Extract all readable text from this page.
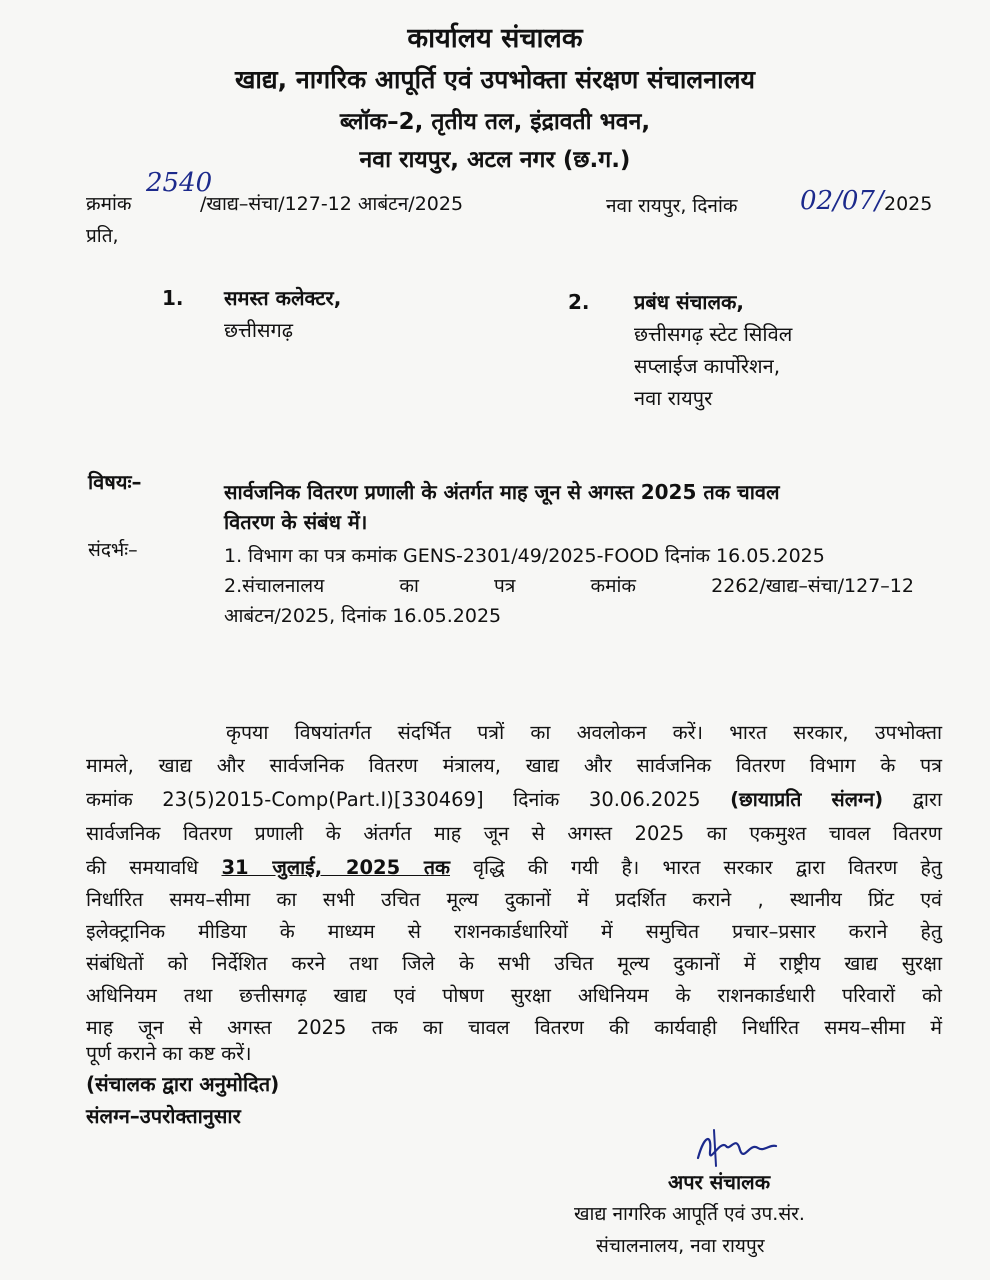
कार्यालय संचालक
खाद्य, नागरिक आपूर्ति एवं उपभोक्ता संरक्षण संचालनालय
ब्लॉक–2, तृतीय तल, इंद्रावती भवन,
नवा रायपुर, अटल नगर (छ.ग.)
क्रमांक
2540
/खाद्य–संचा/127-12 आबंटन/2025	नवा रायपुर, दिनांक 02/07/ 2025
प्रति,
1. समस्त कलेक्टर,
छत्तीसगढ़
2. प्रबंध संचालक,
छत्तीसगढ़ स्टेट सिविल
सप्लाईज कार्पोरेशन,
नवा रायपुर
विषयः–	सार्वजनिक वितरण प्रणाली के अंतर्गत माह जून से अगस्त 2025 तक चावल
वितरण के संबंध में।
संदर्भः–	1. विभाग का पत्र कमांक GENS-2301/49/2025-FOOD दिनांक 16.05.2025
2.संचालनालय का पत्र कमांक 2262/खाद्य–संचा/127–12
आबंटन/2025, दिनांक 16.05.2025
कृपया विषयांतर्गत संदर्भित पत्रों का अवलोकन करें। भारत सरकार, उपभोक्ता
मामले, खाद्य और सार्वजनिक वितरण मंत्रालय, खाद्य और सार्वजनिक वितरण विभाग के पत्र
कमांक 23(5)2015-Comp(Part.I)[330469] दिनांक 30.06.2025 (छायाप्रति संलग्न) द्वारा
सार्वजनिक वितरण प्रणाली के अंतर्गत माह जून से अगस्त 2025 का एकमुश्त चावल वितरण
की समयावधि 31 जुलाई, 2025 तक वृद्धि की गयी है। भारत सरकार द्वारा वितरण हेतु
निर्धारित समय–सीमा का सभी उचित मूल्य दुकानों में प्रदर्शित कराने , स्थानीय प्रिंट एवं
इलेक्ट्रानिक मीडिया के माध्यम से राशनकार्डधारियों में समुचित प्रचार–प्रसार कराने हेतु
संबंधितों को निर्देशित करने तथा जिले के सभी उचित मूल्य दुकानों में राष्ट्रीय खाद्य सुरक्षा
अधिनियम तथा छत्तीसगढ़ खाद्य एवं पोषण सुरक्षा अधिनियम के राशनकार्डधारी परिवारों को
माह जून से अगस्त 2025 तक का चावल वितरण की कार्यवाही निर्धारित समय–सीमा में
पूर्ण कराने का कष्ट करें।
(संचालक द्वारा अनुमोदित)
संलग्न–उपरोक्तानुसार
अपर संचालक
खाद्य नागरिक आपूर्ति एवं उप.संर.
संचालनालय, नवा रायपुर
